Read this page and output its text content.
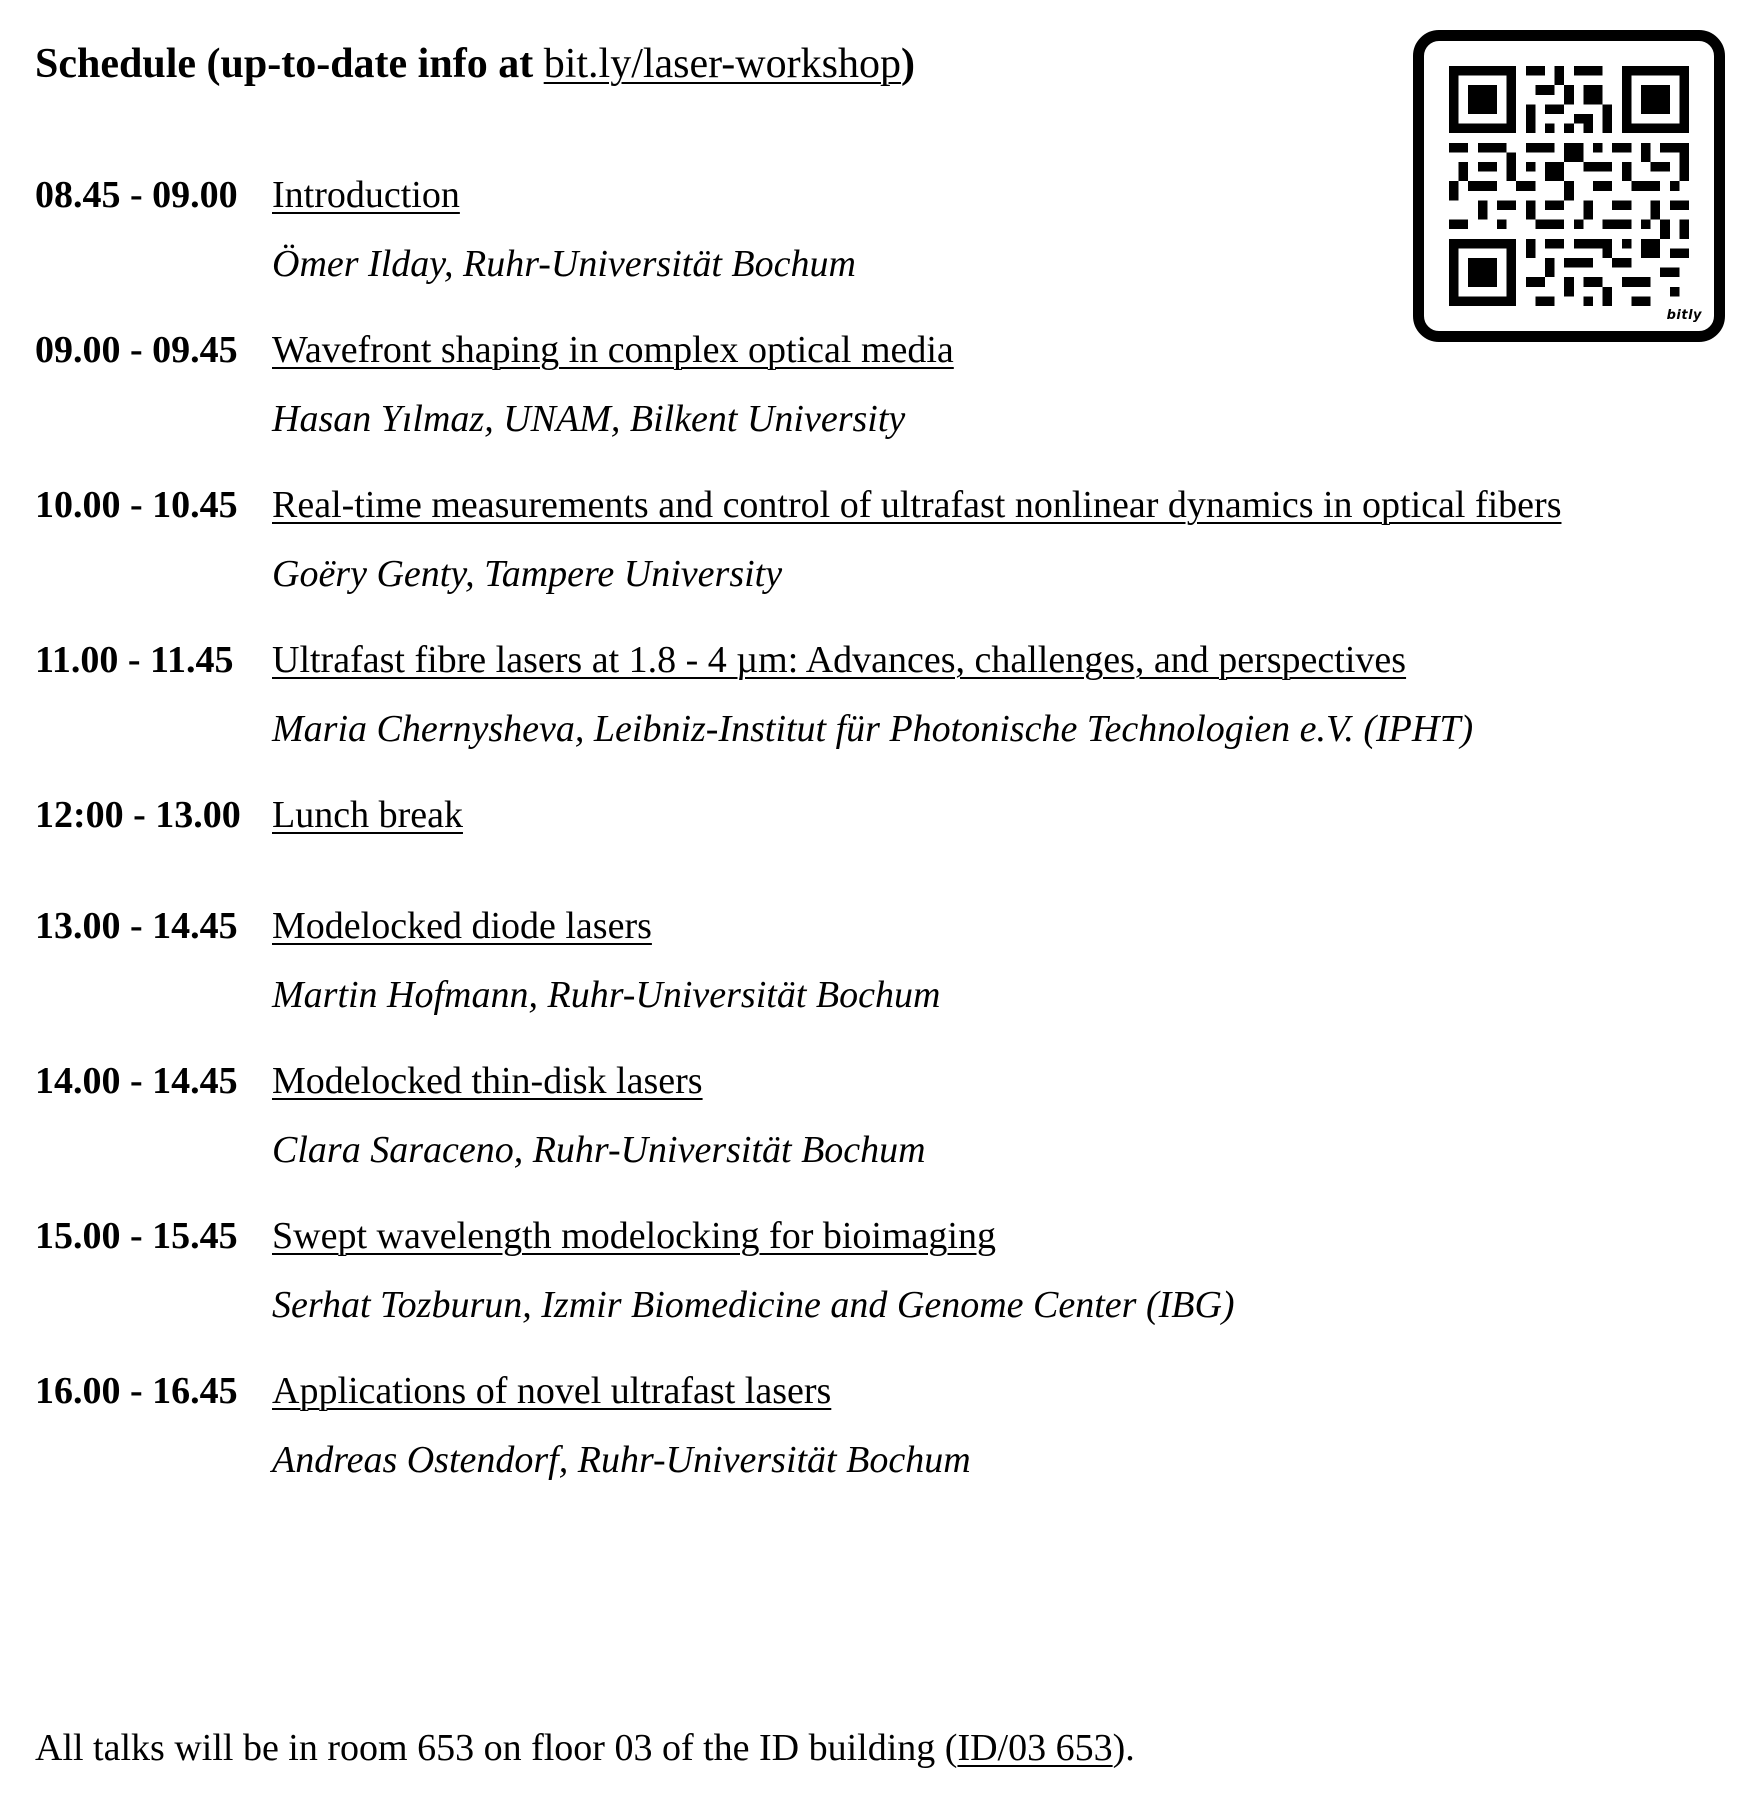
Schedule (up-to-date info at bit.ly/laser-workshop)
bitly
08.45 - 09.00 Introduction
Ömer Ilday, Ruhr-Universität Bochum
09.00 - 09.45 Wavefront shaping in complex optical media
Hasan Yılmaz, UNAM, Bilkent University
10.00 - 10.45 Real-time measurements and control of ultrafast nonlinear dynamics in optical fibers
Goëry Genty, Tampere University
11.00 - 11.45 Ultrafast fibre lasers at 1.8 - 4 µm: Advances, challenges, and perspectives
Maria Chernysheva, Leibniz-Institut für Photonische Technologien e.V. (IPHT)
12:00 - 13.00 Lunch break
13.00 - 14.45 Modelocked diode lasers
Martin Hofmann, Ruhr-Universität Bochum
14.00 - 14.45 Modelocked thin-disk lasers
Clara Saraceno, Ruhr-Universität Bochum
15.00 - 15.45 Swept wavelength modelocking for bioimaging
Serhat Tozburun, Izmir Biomedicine and Genome Center (IBG)
16.00 - 16.45 Applications of novel ultrafast lasers
Andreas Ostendorf, Ruhr-Universität Bochum

All talks will be in room 653 on floor 03 of the ID building (ID/03 653).
